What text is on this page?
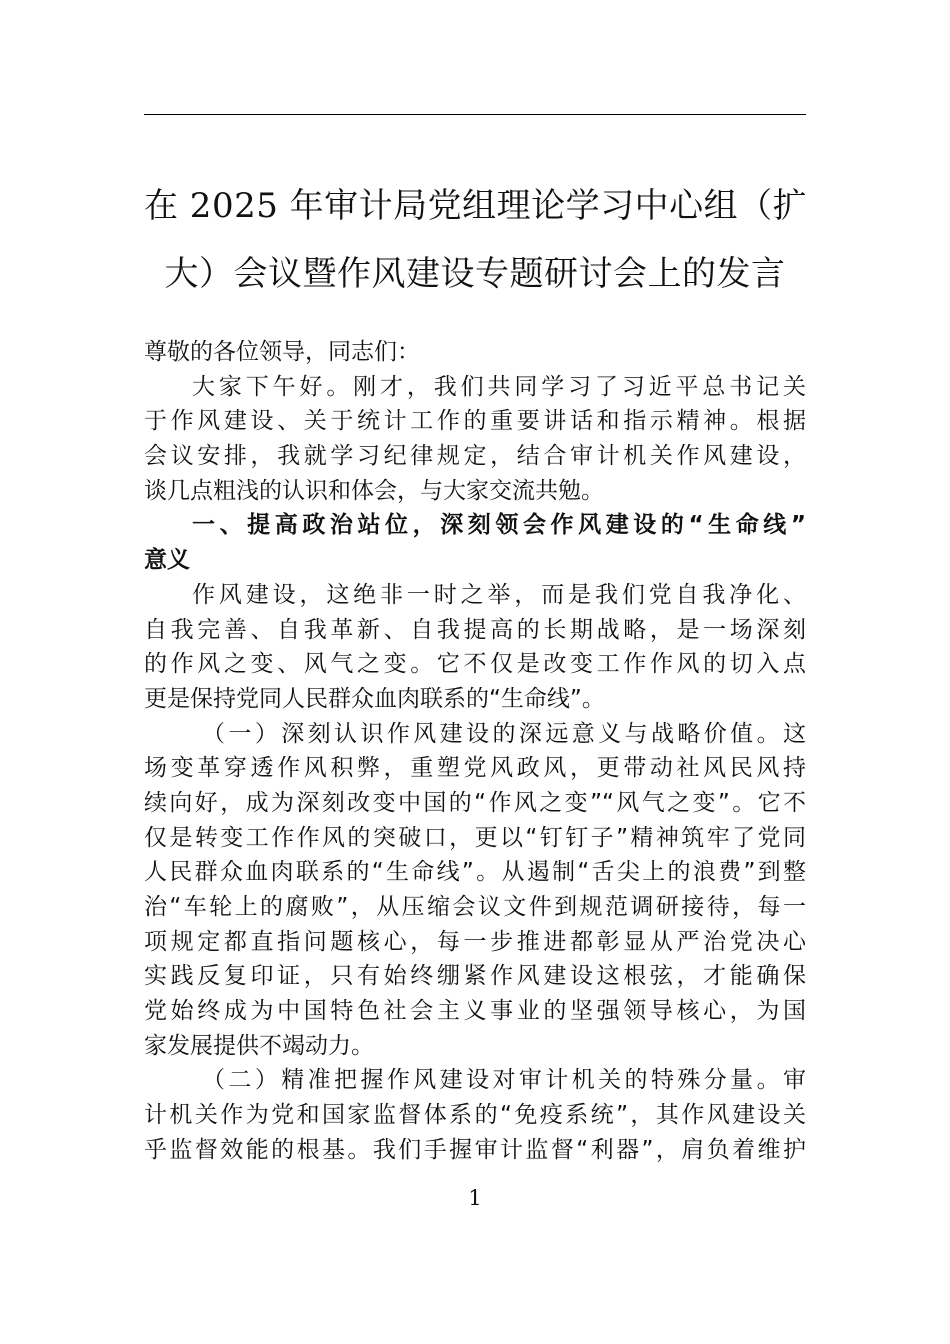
在 2025 年审计局党组理论学习中心组（扩
大）会议暨作风建设专题研讨会上的发言
尊敬的各位领导，同志们：
大家下午好。刚才，我们共同学习了习近平总书记关
于作风建设、关于统计工作的重要讲话和指示精神。根据
会议安排，我就学习纪律规定，结合审计机关作风建设，
谈几点粗浅的认识和体会，与大家交流共勉。
一、提高政治站位，深刻领会作风建设的“生命线”
意义
作风建设，这绝非一时之举，而是我们党自我净化、
自我完善、自我革新、自我提高的长期战略，是一场深刻
的作风之变、风气之变。它不仅是改变工作作风的切入点
更是保持党同人民群众血肉联系的“生命线”。
（一）深刻认识作风建设的深远意义与战略价值。这
场变革穿透作风积弊，重塑党风政风，更带动社风民风持
续向好，成为深刻改变中国的“作风之变”“风气之变”。它不
仅是转变工作作风的突破口，更以“钉钉子”精神筑牢了党同
人民群众血肉联系的“生命线”。从遏制“舌尖上的浪费”到整
治“车轮上的腐败”，从压缩会议文件到规范调研接待，每一
项规定都直指问题核心，每一步推进都彰显从严治党决心
实践反复印证，只有始终绷紧作风建设这根弦，才能确保
党始终成为中国特色社会主义事业的坚强领导核心，为国
家发展提供不竭动力。
（二）精准把握作风建设对审计机关的特殊分量。审
计机关作为党和国家监督体系的“免疫系统”，其作风建设关
乎监督效能的根基。我们手握审计监督“利器”，肩负着维护
1
